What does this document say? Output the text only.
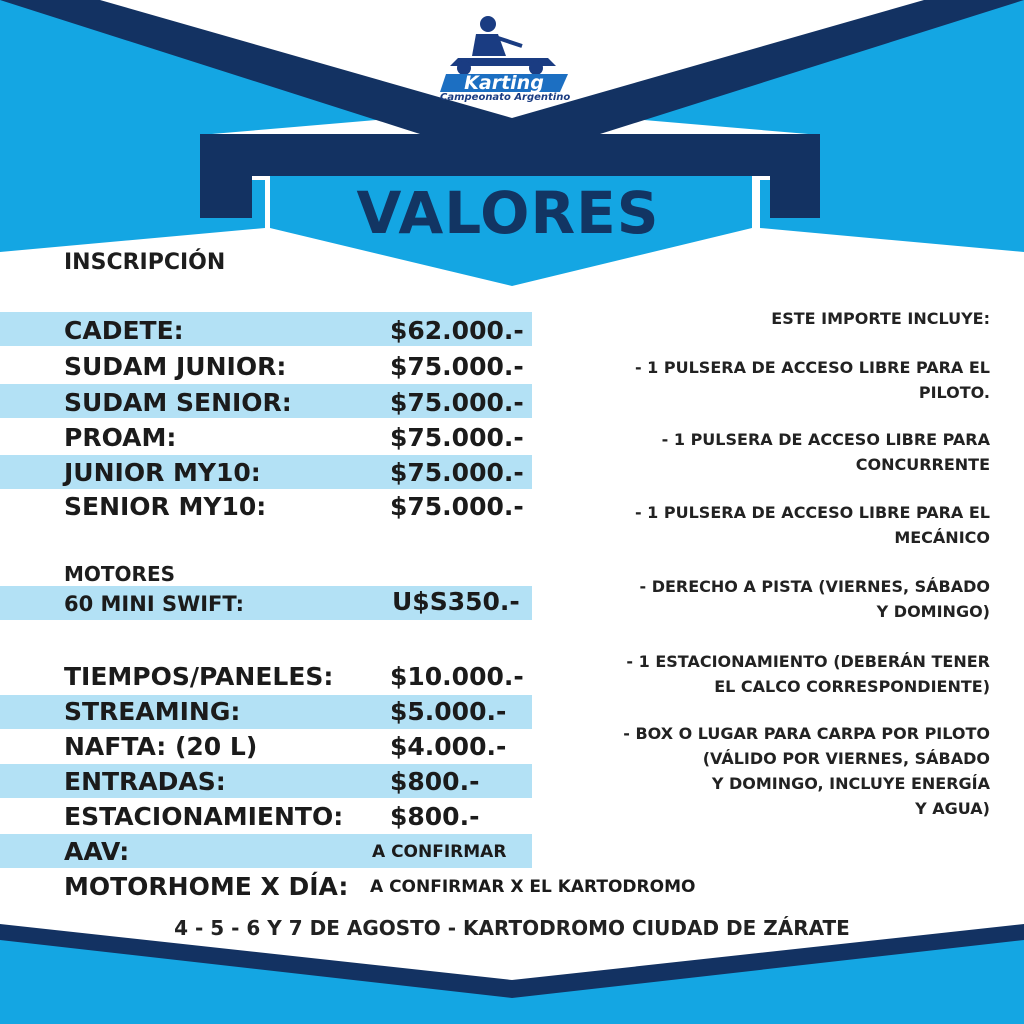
Karting
Campeonato Argentino
VALORES
INSCRIPCIÓN
CADETE:	$62.000.-
SUDAM JUNIOR:	$75.000.-
SUDAM SENIOR:	$75.000.-
PROAM:	$75.000.-
JUNIOR MY10:	$75.000.-
SENIOR MY10:	$75.000.-
MOTORES
60 MINI SWIFT:	U$S350.-
TIEMPOS/PANELES: $10.000.-
STREAMING:	$5.000.-
NAFTA: (20 L)	$4.000.-
ENTRADAS:	$800.-
ESTACIONAMIENTO: $800.-
AAV:	A CONFIRMAR
MOTORHOME X DÍA: A CONFIRMAR X EL KARTODROMO
ESTE IMPORTE INCLUYE:
- 1 PULSERA DE ACCESO LIBRE PARA EL
PILOTO.
- 1 PULSERA DE ACCESO LIBRE PARA
CONCURRENTE
- 1 PULSERA DE ACCESO LIBRE PARA EL
MECÁNICO
- DERECHO A PISTA (VIERNES, SÁBADO
Y DOMINGO)
- 1 ESTACIONAMIENTO (DEBERÁN TENER
EL CALCO CORRESPONDIENTE)
- BOX O LUGAR PARA CARPA POR PILOTO
(VÁLIDO POR VIERNES, SÁBADO
Y DOMINGO, INCLUYE ENERGÍA
Y AGUA)
4 - 5 - 6 Y 7 DE AGOSTO - KARTODROMO CIUDAD DE ZÁRATE
